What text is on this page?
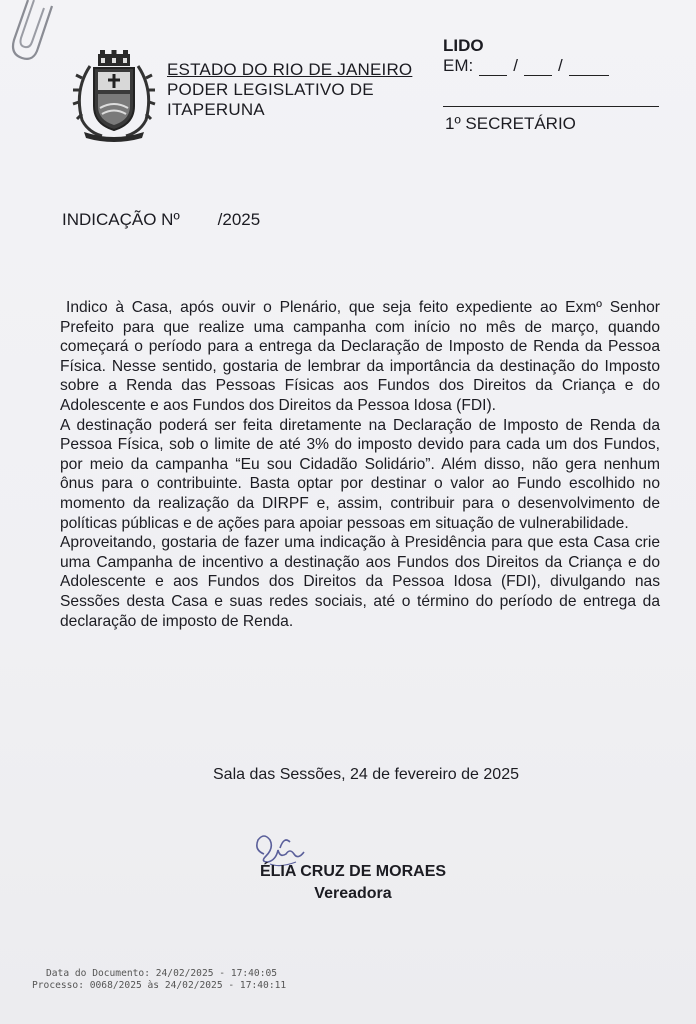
ESTADO DO RIO DE JANEIRO
PODER LEGISLATIVO DE
ITAPERUNA
LIDO
EM: / /
1º SECRETÁRIO
INDICAÇÃO Nº /2025

Indico à Casa, após ouvir o Plenário, que seja feito expediente ao Exmº Senhor Prefeito para que realize uma campanha com início no mês de março, quando começará o período para a entrega da Declaração de Imposto de Renda da Pessoa Física. Nesse sentido, gostaria de lembrar da importância da destinação do Imposto sobre a Renda das Pessoas Físicas aos Fundos dos Direitos da Criança e do Adolescente e aos Fundos dos Direitos da Pessoa Idosa (FDI).

A destinação poderá ser feita diretamente na Declaração de Imposto de Renda da Pessoa Física, sob o limite de até 3% do imposto devido para cada um dos Fundos, por meio da campanha “Eu sou Cidadão Solidário”. Além disso, não gera nenhum ônus para o contribuinte. Basta optar por destinar o valor ao Fundo escolhido no momento da realização da DIRPF e, assim, contribuir para o desenvolvimento de políticas públicas e de ações para apoiar pessoas em situação de vulnerabilidade.

Aproveitando, gostaria de fazer uma indicação à Presidência para que esta Casa crie uma Campanha de incentivo a destinação aos Fundos dos Direitos da Criança e do Adolescente e aos Fundos dos Direitos da Pessoa Idosa (FDI), divulgando nas Sessões desta Casa e suas redes sociais, até o término do período de entrega da declaração de imposto de Renda.

Sala das Sessões, 24 de fevereiro de 2025
ÉLIA CRUZ DE MORAES
Vereadora
Data do Documento: 24/02/2025 - 17:40:05
Processo: 0068/2025 às 24/02/2025 - 17:40:11
